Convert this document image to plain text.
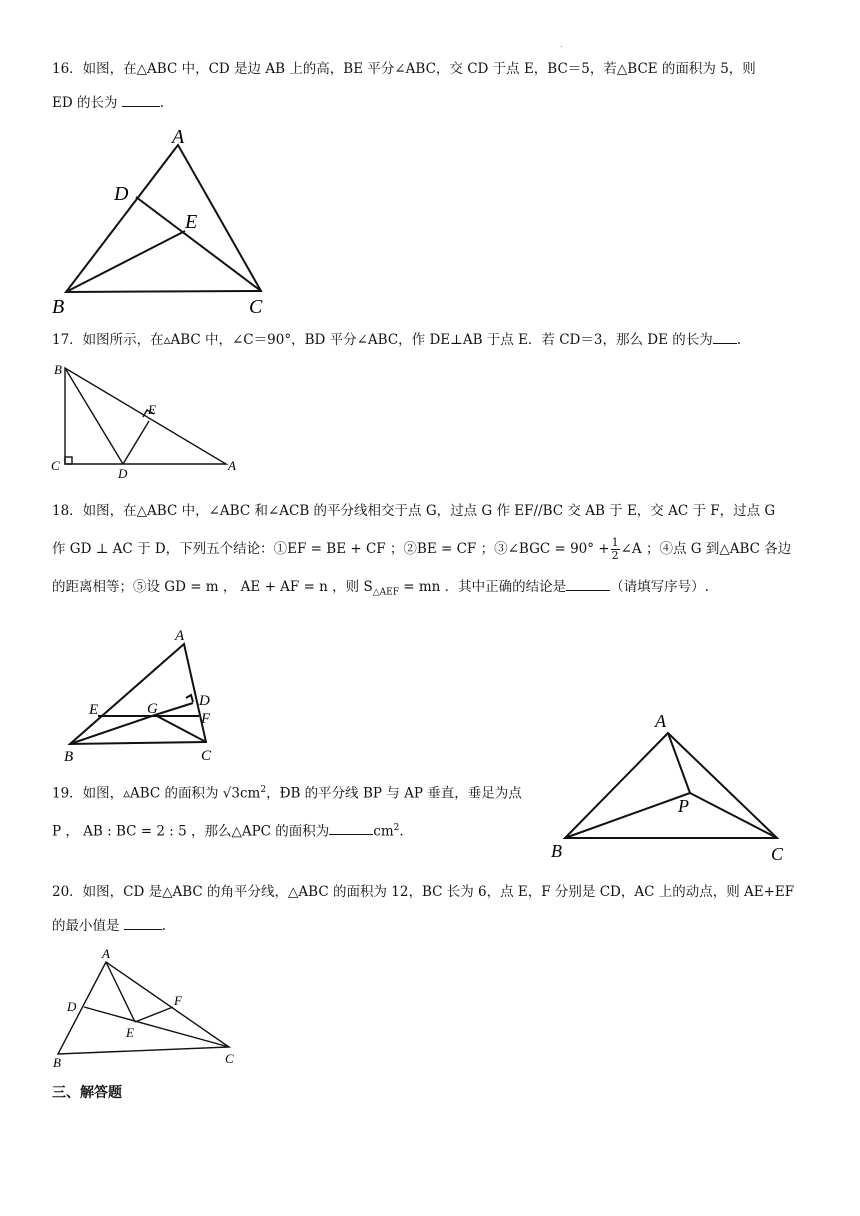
.
16．如图，在△ABC 中，CD 是边 AB 上的高，BE 平分∠ABC，交 CD 于点 E，BC＝5，若△BCE 的面积为 5，则
ED 的长为	.
A
D
E
B	C
17．如图所示，在▵ABC 中，∠C＝90°，BD 平分∠ABC，作 DE⊥AB 于点 E．若 CD＝3，那么 DE 的长为 .
B
C
D
E
A
18．如图，在△ABC 中，∠ABC 和∠ACB 的平分线相交于点 G，过点 G 作 EF//BC 交 AB 于 E，交 AC 于 F，过点 G
作 GD ⊥ AC 于 D，下列五个结论：①EF = BE + CF ；②BE = CF ；③∠BGC = $90^\circ + \frac{1}{2}$ ∠A ；④点 G 到△ABC 各边
的距离相等；⑤设 GD = m ， AE + AF = n ，则 $S_{\triangle AEF}$ = mn ．其中正确的结论是	（请填写序号）.
A
D
E	G
F
B	C
19．如图，▵ABC 的面积为 $√3cm^2$，ÐB 的平分线 BP 与 AP 垂直，垂足为点
P ， AB : BC = 2 : 5 ，那么△APC 的面积为	$cm^2$.
A
P
B	C
20．如图，CD 是△ABC 的角平分线，△ABC 的面积为 12，BC 长为 6，点 E，F 分别是 CD，AC 上的动点，则 AE+EF
的最小值是	.
A
D	F
E
B	C
三、解答题
